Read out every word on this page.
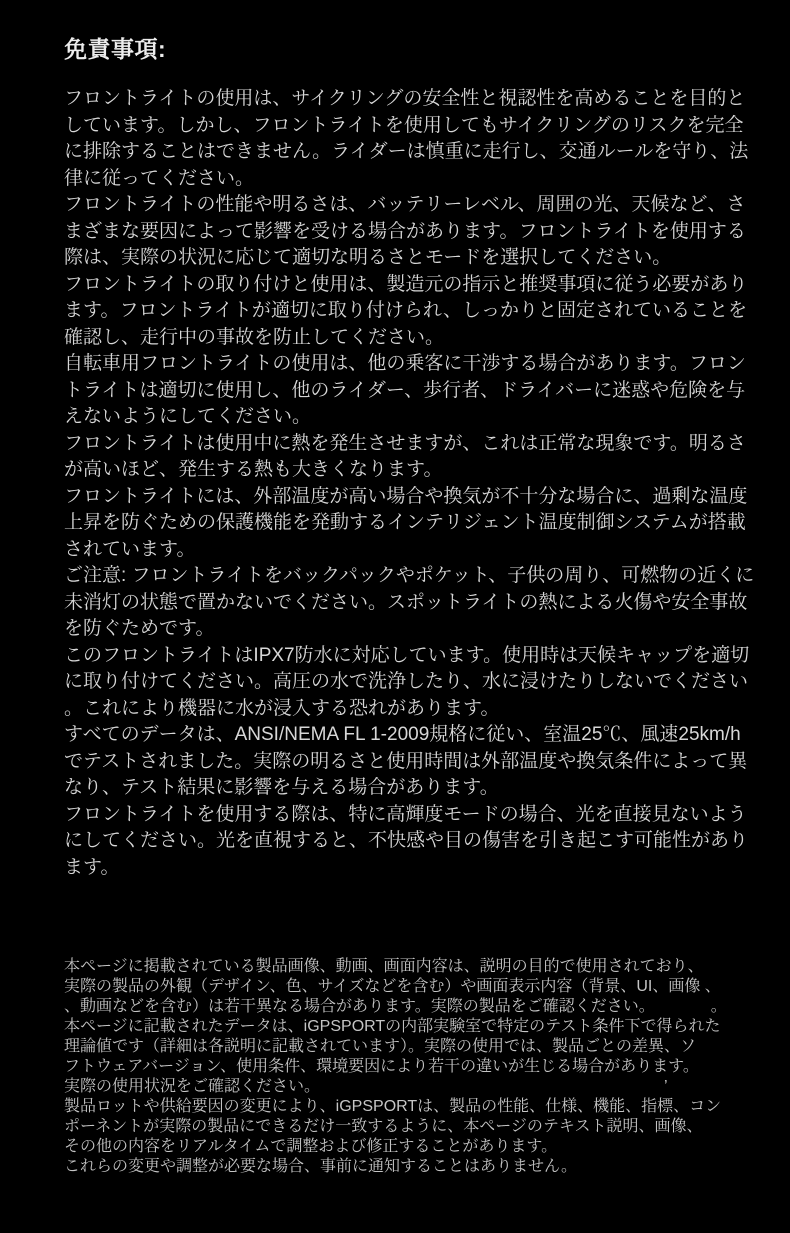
免責事項:

フロントライトの使用は、サイクリングの安全性と視認性を高めることを目的と
しています。しかし、フロントライトを使用してもサイクリングのリスクを完全
に排除することはできません。ライダーは慎重に走行し、交通ルールを守り、法
律に従ってください。

フロントライトの性能や明るさは、バッテリーレベル、周囲の光、天候など、さ
まざまな要因によって影響を受ける場合があります。フロントライトを使用する
際は、実際の状況に応じて適切な明るさとモードを選択してください。

フロントライトの取り付けと使用は、製造元の指示と推奨事項に従う必要があり
ます。フロントライトが適切に取り付けられ、しっかりと固定されていることを
確認し、走行中の事故を防止してください。

自転車用フロントライトの使用は、他の乗客に干渉する場合があります。フロン
トライトは適切に使用し、他のライダー、歩行者、ドライバーに迷惑や危険を与
えないようにしてください。

フロントライトは使用中に熱を発生させますが、これは正常な現象です。明るさ
が高いほど、発生する熱も大きくなります。

フロントライトには、外部温度が高い場合や換気が不十分な場合に、過剰な温度
上昇を防ぐための保護機能を発動するインテリジェント温度制御システムが搭載
されています。

ご注意: フロントライトをバックパックやポケット、子供の周り、可燃物の近くに
未消灯の状態で置かないでください。スポットライトの熱による火傷や安全事故
を防ぐためです。

このフロントライトはIPX7防水に対応しています。使用時は天候キャップを適切
に取り付けてください。高圧の水で洗浄したり、水に浸けたりしないでください
。これにより機器に水が浸入する恐れがあります。

すべてのデータは、ANSI/NEMA FL 1-2009規格に従い、室温25℃、風速25km/h
でテストされました。実際の明るさと使用時間は外部温度や換気条件によって異
なり、テスト結果に影響を与える場合があります。

フロントライトを使用する際は、特に高輝度モードの場合、光を直接見ないよう
にしてください。光を直視すると、不快感や目の傷害を引き起こす可能性があり
ます。

本ページに掲載されている製品画像、動画、画面内容は、説明の目的で使用されており、
実際の製品の外観（デザイン、色、サイズなどを含む）や画面表示内容（背景、UI、画像 、
、動画などを含む）は若干異なる場合があります。実際の製品をご確認ください。　　　　。

本ページに記載されたデータは、iGPSPORTの内部実験室で特定のテスト条件下で得られた
理論値です（詳細は各説明に記載されています）。実際の使用では、製品ごとの差異、ソ
フトウェアバージョン、使用条件、環境要因により若干の違いが生じる場合があります。
実際の使用状況をご確認ください。　　　　　　　　　　　　　　　　　　　　　　’

製品ロットや供給要因の変更により、iGPSPORTは、製品の性能、仕様、機能、指標、コン
ポーネントが実際の製品にできるだけ一致するように、本ページのテキスト説明、画像、
その他の内容をリアルタイムで調整および修正することがあります。

これらの変更や調整が必要な場合、事前に通知することはありません。
